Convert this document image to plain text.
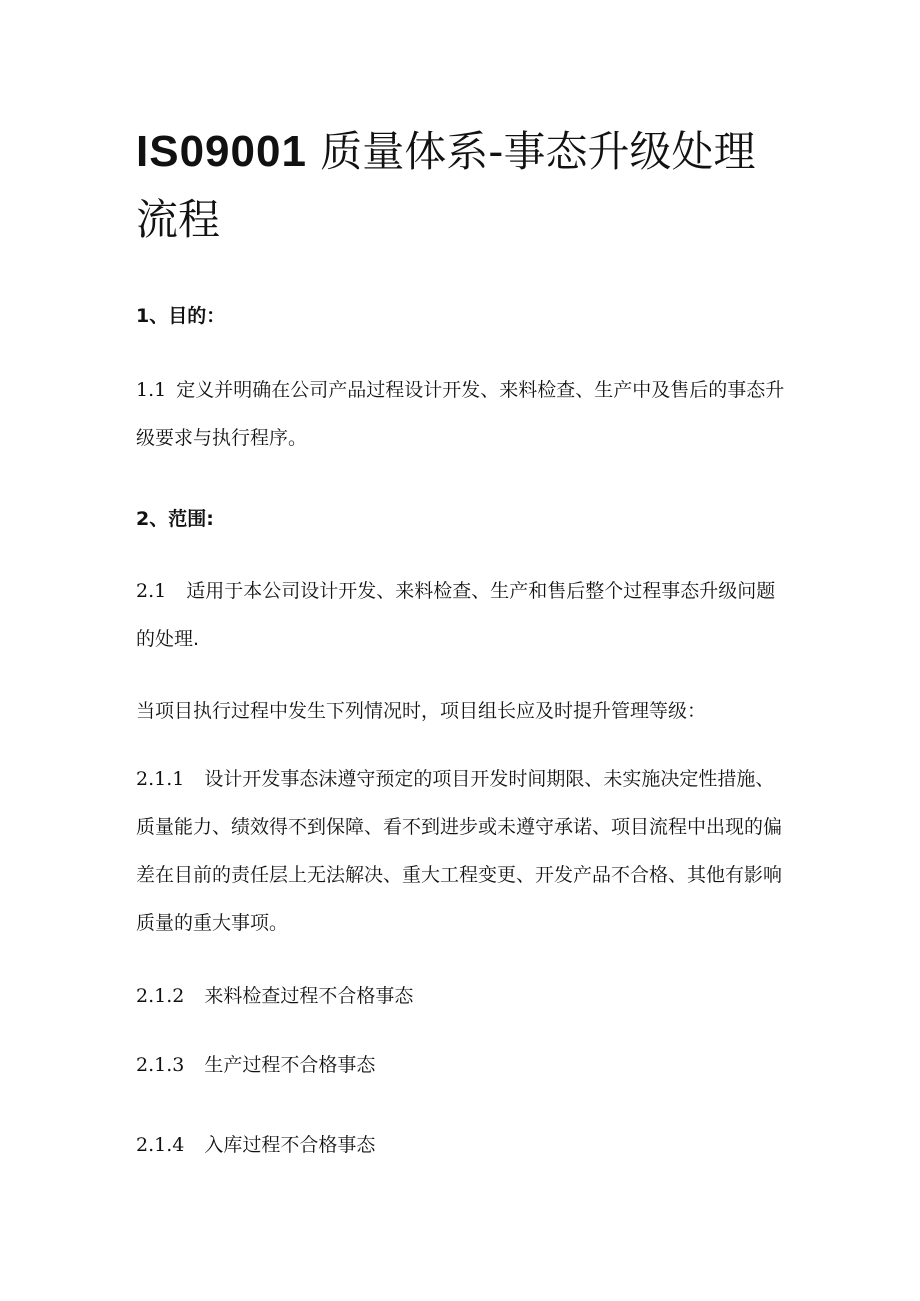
IS09001 质量体系-事态升级处理
流程
1、目的：

1.1 定义并明确在公司产品过程设计开发、来料检查、生产中及售后的事态升级要求与执行程序。

2、范围:

2.1 适用于本公司设计开发、来料检查、生产和售后整个过程事态升级问题的处理.

当项目执行过程中发生下列情况时，项目组长应及时提升管理等级：

2.1.1 设计开发事态沫遵守预定的项目开发时间期限、未实施决定性措施、质量能力、绩效得不到保障、看不到进步或未遵守承诺、项目流程中出现的偏差在目前的责任层上无法解决、重大工程变更、开发产品不合格、其他有影响质量的重大事项。

2.1.2 来料检查过程不合格事态

2.1.3 生产过程不合格事态

2.1.4 入库过程不合格事态
